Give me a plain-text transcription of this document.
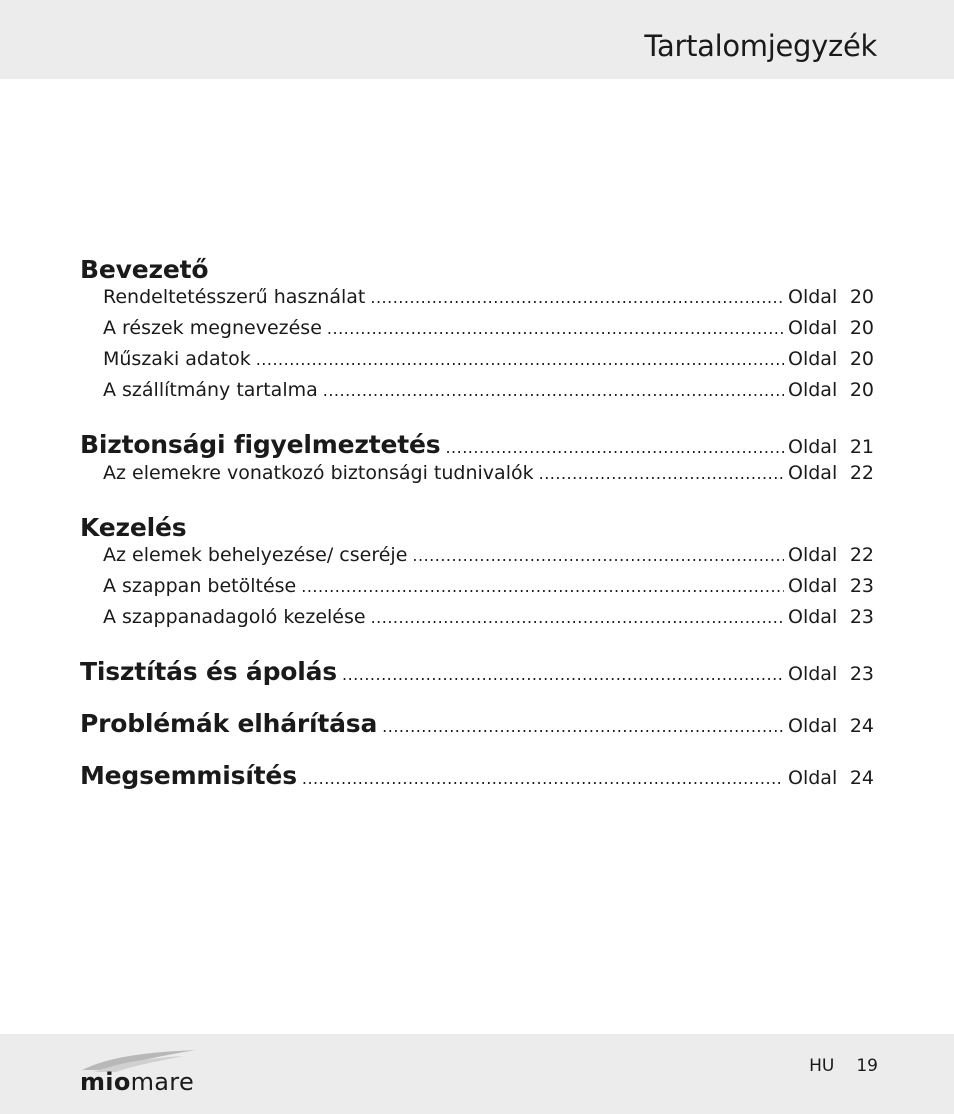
Tartalomjegyzék
Bevezető
Rendeltetésszerű használat .....	Oldal 20
A részek megnevezése .....	Oldal 20
Műszaki adatok .....	Oldal 20
A szállítmány tartalma .....	Oldal 20
Biztonsági figyelmeztetés .....	Oldal 21
Az elemekre vonatkozó biztonsági tudnivalók .....	Oldal 22
Kezelés
Az elemek behelyezése/ cseréje .....	Oldal 22
A szappan betöltése .....	Oldal 23
A szappanadagoló kezelése .....	Oldal 23
Tisztítás és ápolás .....	Oldal 23
Problémák elhárítása .....	Oldal 24
Megsemmisítés .....	Oldal 24
miomare
HU 19
